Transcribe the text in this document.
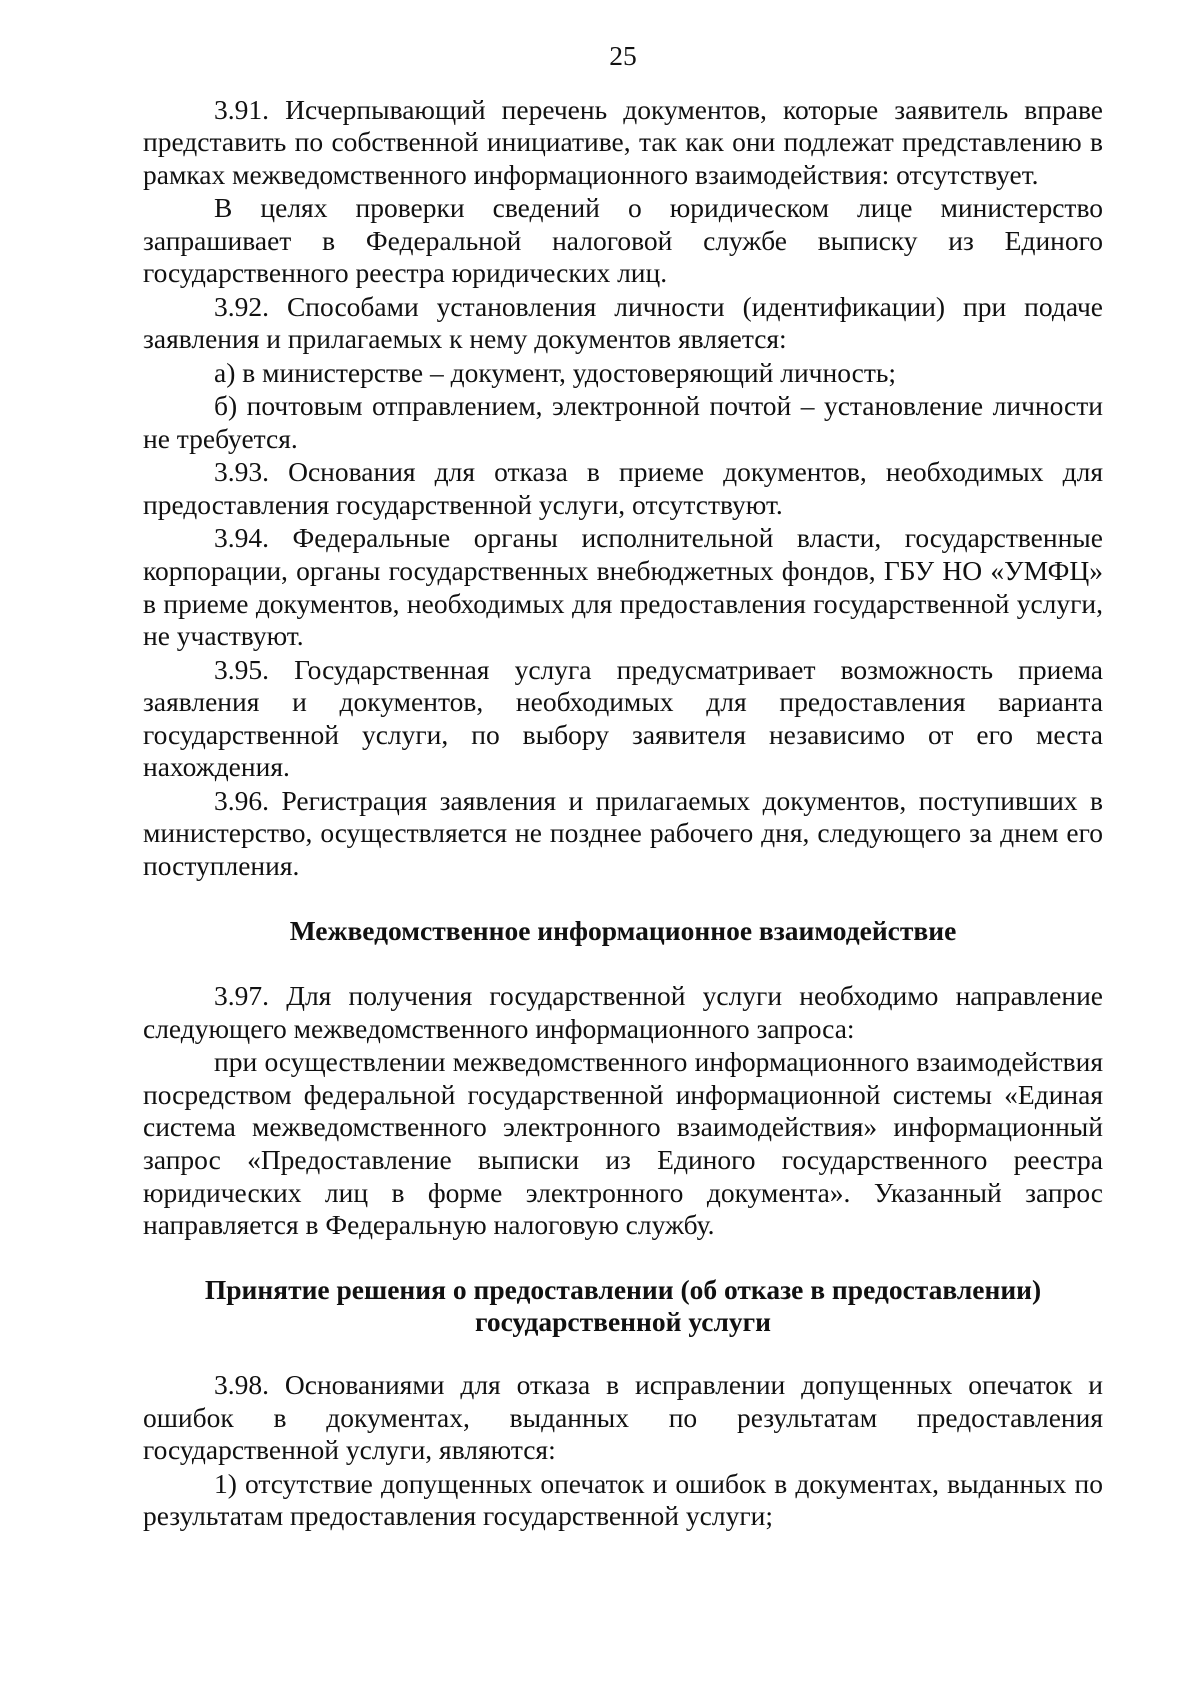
25

3.91. Исчерпывающий перечень документов, которые заявитель вправе представить по собственной инициативе, так как они подлежат представлению в рамках межведомственного информационного взаимодействия: отсутствует.

В целях проверки сведений о юридическом лице министерство запрашивает в Федеральной налоговой службе выписку из Единого государственного реестра юридических лиц.

3.92. Способами установления личности (идентификации) при подаче заявления и прилагаемых к нему документов является:

а) в министерстве – документ, удостоверяющий личность;

б) почтовым отправлением, электронной почтой – установление личности не требуется.

3.93. Основания для отказа в приеме документов, необходимых для предоставления государственной услуги, отсутствуют.

3.94. Федеральные органы исполнительной власти, государственные корпорации, органы государственных внебюджетных фондов, ГБУ НО «УМФЦ» в приеме документов, необходимых для предоставления государственной услуги, не участвуют.

3.95. Государственная услуга предусматривает возможность приема заявления и документов, необходимых для предоставления варианта государственной услуги, по выбору заявителя независимо от его места нахождения.

3.96. Регистрация заявления и прилагаемых документов, поступивших в министерство, осуществляется не позднее рабочего дня, следующего за днем его поступления.

Межведомственное информационное взаимодействие

3.97. Для получения государственной услуги необходимо направление следующего межведомственного информационного запроса:

при осуществлении межведомственного информационного взаимодействия посредством федеральной государственной информационной системы «Единая система межведомственного электронного взаимодействия» информационный запрос «Предоставление выписки из Единого государственного реестра юридических лиц в форме электронного документа». Указанный запрос направляется в Федеральную налоговую службу.

Принятие решения о предоставлении (об отказе в предоставлении)
государственной услуги

3.98. Основаниями для отказа в исправлении допущенных опечаток и ошибок в документах, выданных по результатам предоставления государственной услуги, являются:

1) отсутствие допущенных опечаток и ошибок в документах, выданных по результатам предоставления государственной услуги;
